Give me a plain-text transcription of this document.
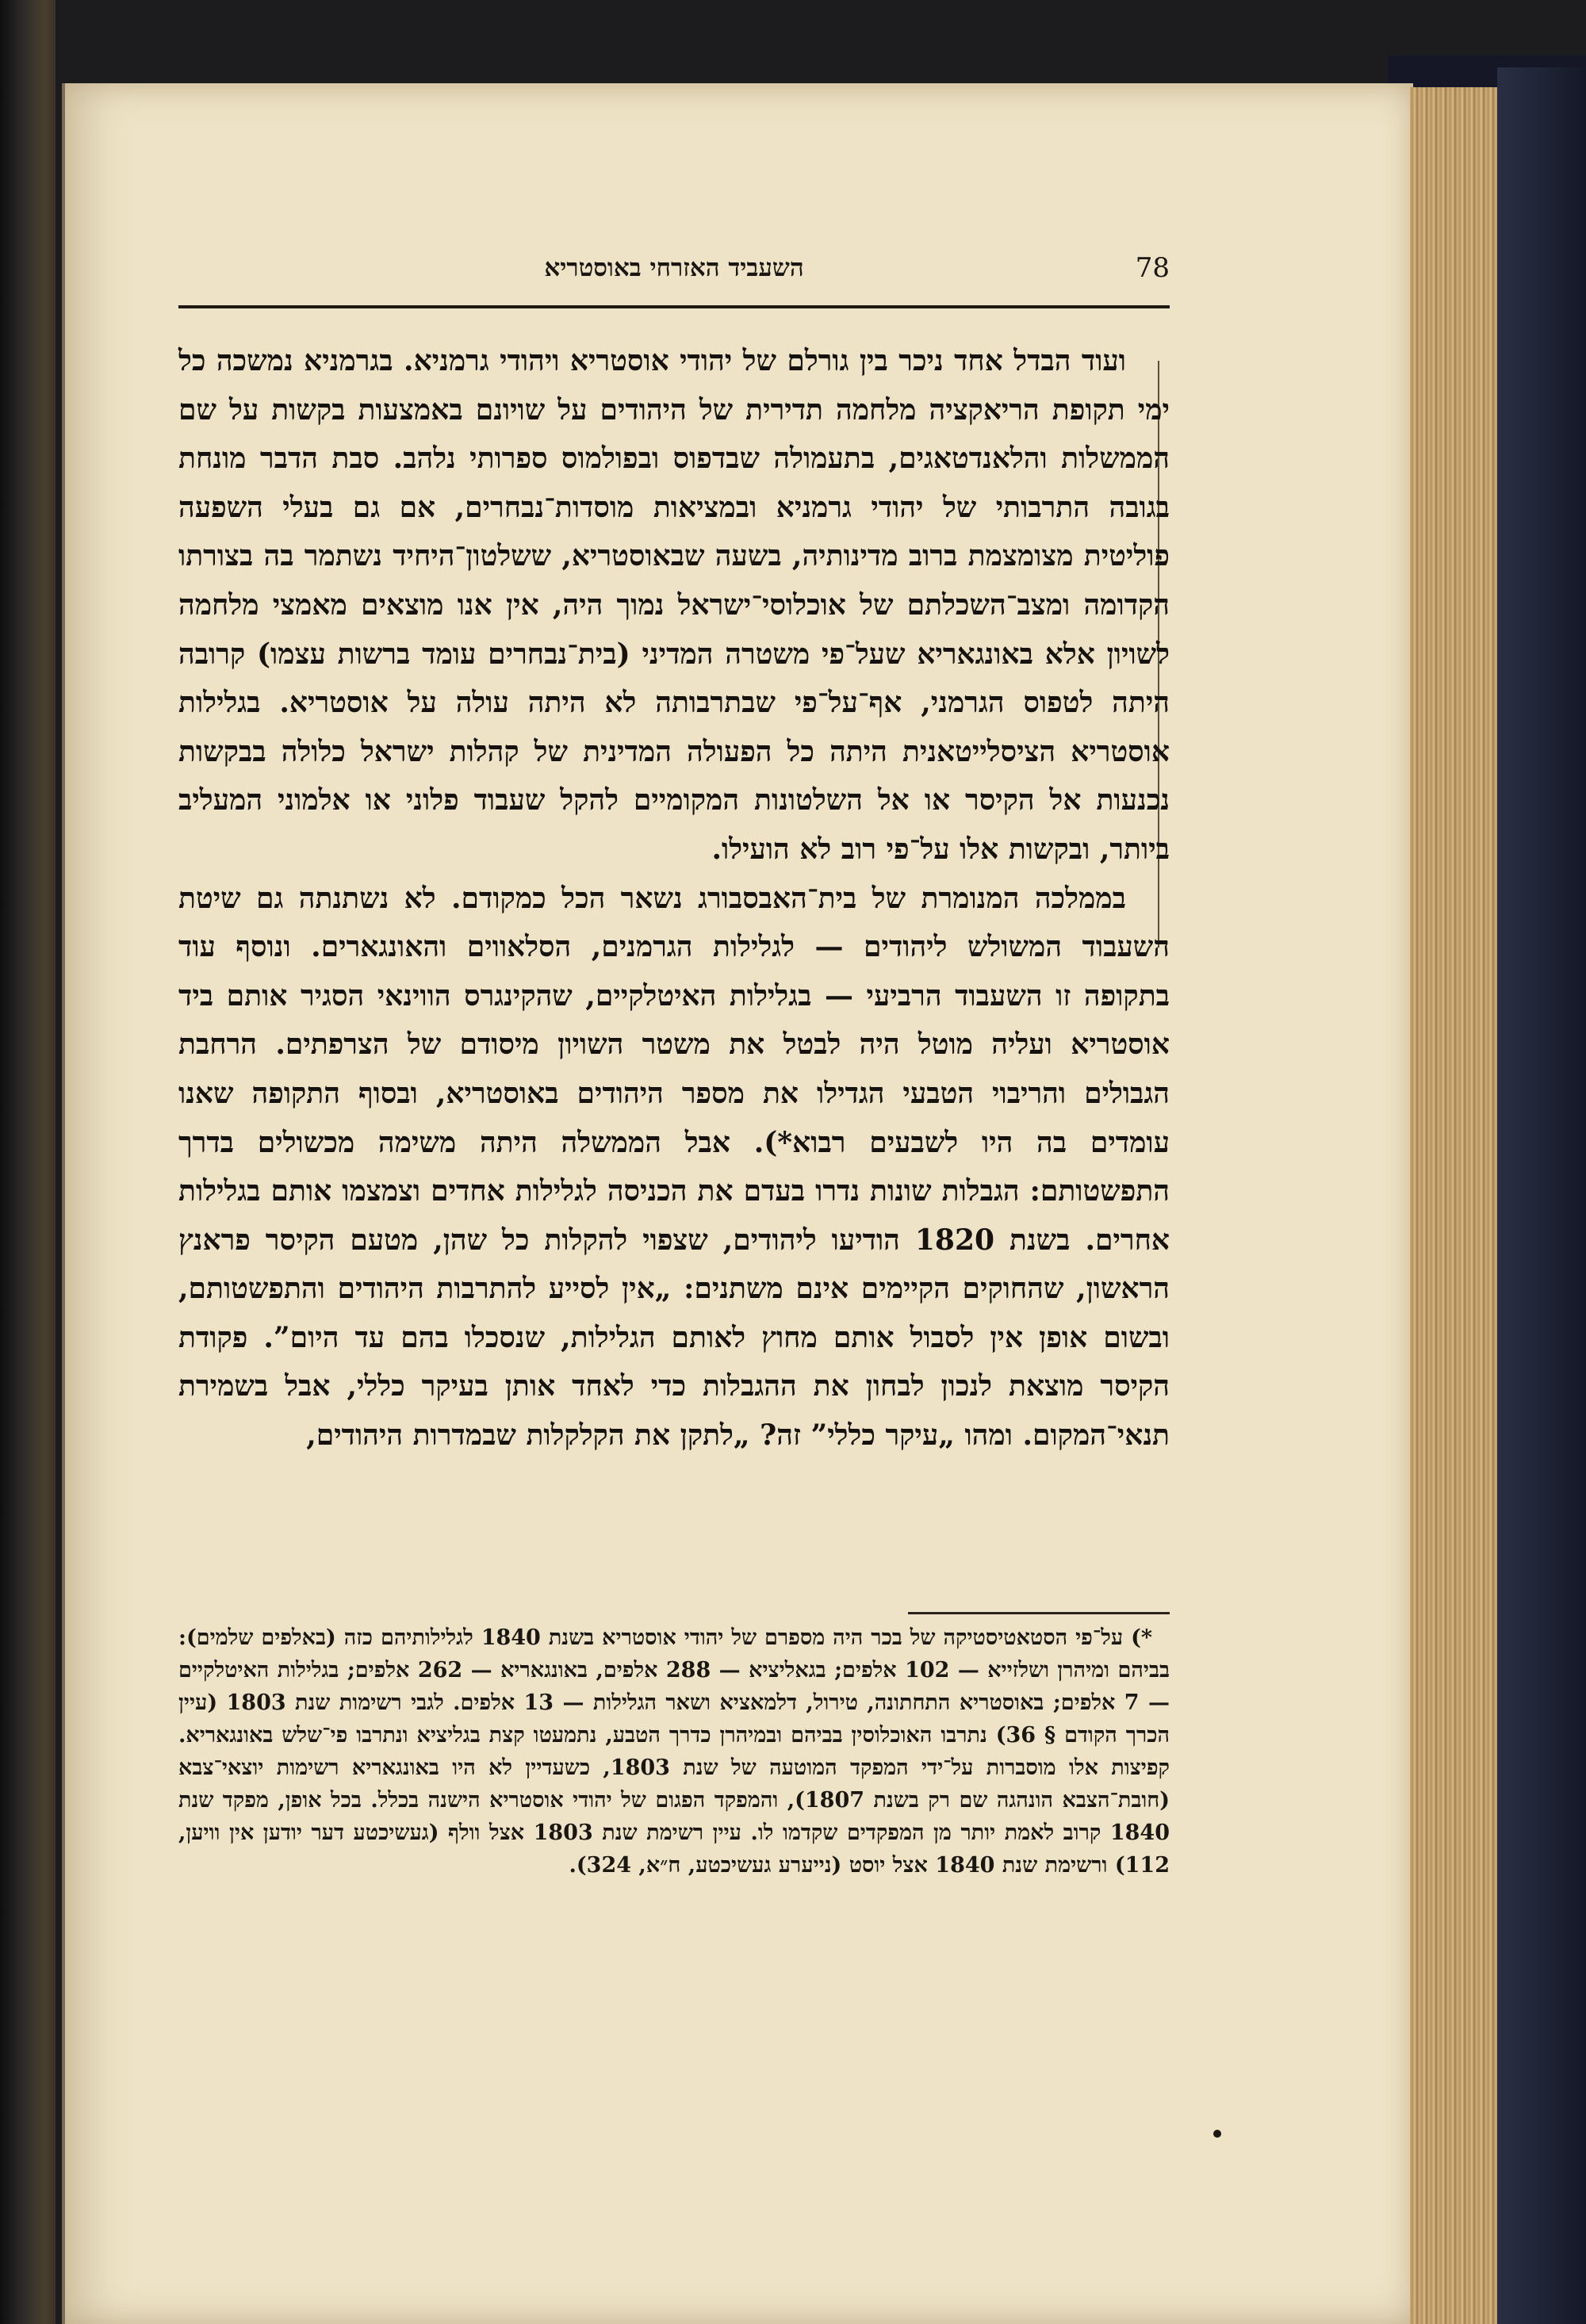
השעביד האזרחי באוסטריא	78

ועוד הבדל אחד ניכר בין גורלם של יהודי אוסטריא ויהודי גרמניא. בגרמניא נמשכה כל ימי תקופת הריאקציה מלחמה תדירית של היהודים על שויונם באמצעות בקשות על שם הממשלות והלאנדטאגים, בתעמולה שבדפוס ובפולמוס ספרותי נלהב. סבת הדבר מונחת בגובה התרבותי של יהודי גרמניא ובמציאות מוסדות־נבחרים, אם גם בעלי השפעה פוליטית מצומצמת ברוב מדינותיה, בשעה שבאוסטריא, ששלטון־היחיד נשתמר בה בצורתו הקדומה ומצב־השכלתם של אוכלוסי־ישראל נמוך היה, אין אנו מוצאים מאמצי מלחמה לשויון אלא באונגאריא שעל־פי משטרה המדיני (בית־נבחרים עומד ברשות עצמו) קרובה היתה לטפוס הגרמני, אף־על־פי שבתרבותה לא היתה עולה על אוסטריא. בגלילות אוסטריא הציסלייטאנית היתה כל הפעולה המדינית של קהלות ישראל כלולה בבקשות נכנעות אל הקיסר או אל השלטונות המקומיים להקל שעבוד פלוני או אלמוני המעליב ביותר, ובקשות אלו על־פי רוב לא הועילו.

בממלכה המנומרת של בית־האבסבורג נשאר הכל כמקודם. לא נשתנתה גם שיטת השעבוד המשולש ליהודים — לגלילות הגרמנים, הסלאווים והאונגארים. ונוסף עוד בתקופה זו השעבוד הרביעי — בגלילות האיטלקיים, שהקינגרס הווינאי הסגיר אותם ביד אוסטריא ועליה מוטל היה לבטל את משטר השויון מיסודם של הצרפתים. הרחבת הגבולים והריבוי הטבעי הגדילו את מספר היהודים באוסטריא, ובסוף התקופה שאנו עומדים בה היו לשבעים רבוא*). אבל הממשלה היתה משימה מכשולים בדרך התפשטותם: הגבלות שונות נדרו בעדם את הכניסה לגלילות אחדים וצמצמו אותם בגלילות אחרים. בשנת 1820 הודיעו ליהודים, שצפוי להקלות כל שהן, מטעם הקיסר פראנץ הראשון, שהחוקים הקיימים אינם משתנים: „אין לסייע להתרבות היהודים והתפשטותם, ובשום אופן אין לסבול אותם מחוץ לאותם הגלילות, שנסכלו בהם עד היום”. פקודת הקיסר מוצאת לנכון לבחון את ההגבלות כדי לאחד אותן בעיקר כללי, אבל בשמירת תנאי־המקום. ומהו „עיקר כללי” זה? „לתקן את הקלקלות שבמדרות היהודים,

*) על־פי הסטאטיסטיקה של בכר היה מספרם של יהודי אוסטריא בשנת 1840 לגלילותיהם כזה (באלפים שלמים): בביהם ומיהרן ושלזייא — 102 אלפים; בגאליציא — 288 אלפים, באונגאריא — 262 אלפים; בגלילות האיטלקיים — 7 אלפים; באוסטריא התחתונה, טירול, דלמאציא ושאר הגלילות — 13 אלפים. לגבי רשימות שנת 1803 (עיין הכרך הקודם § 36) נתרבו האוכלוסין בביהם ובמיהרן כדרך הטבע, נתמעטו קצת בגליציא ונתרבו פי־שלש באונגאריא. קפיצות אלו מוסברות על־ידי המפקד המוטעה של שנת 1803, כשעדיין לא היו באונגאריא רשימות יוצאי־צבא (חובת־הצבא הונהגה שם רק בשנת 1807), והמפקד הפגום של יהודי אוסטריא הישנה בכלל. בכל אופן, מפקד שנת 1840 קרוב לאמת יותר מן המפקדים שקדמו לו. עיין רשימת שנת 1803 אצל וולף (געשיכטע דער יודען אין וויען, 112) ורשימת שנת 1840 אצל יוסט (נייערע געשיכטע, ח״א, 324).
